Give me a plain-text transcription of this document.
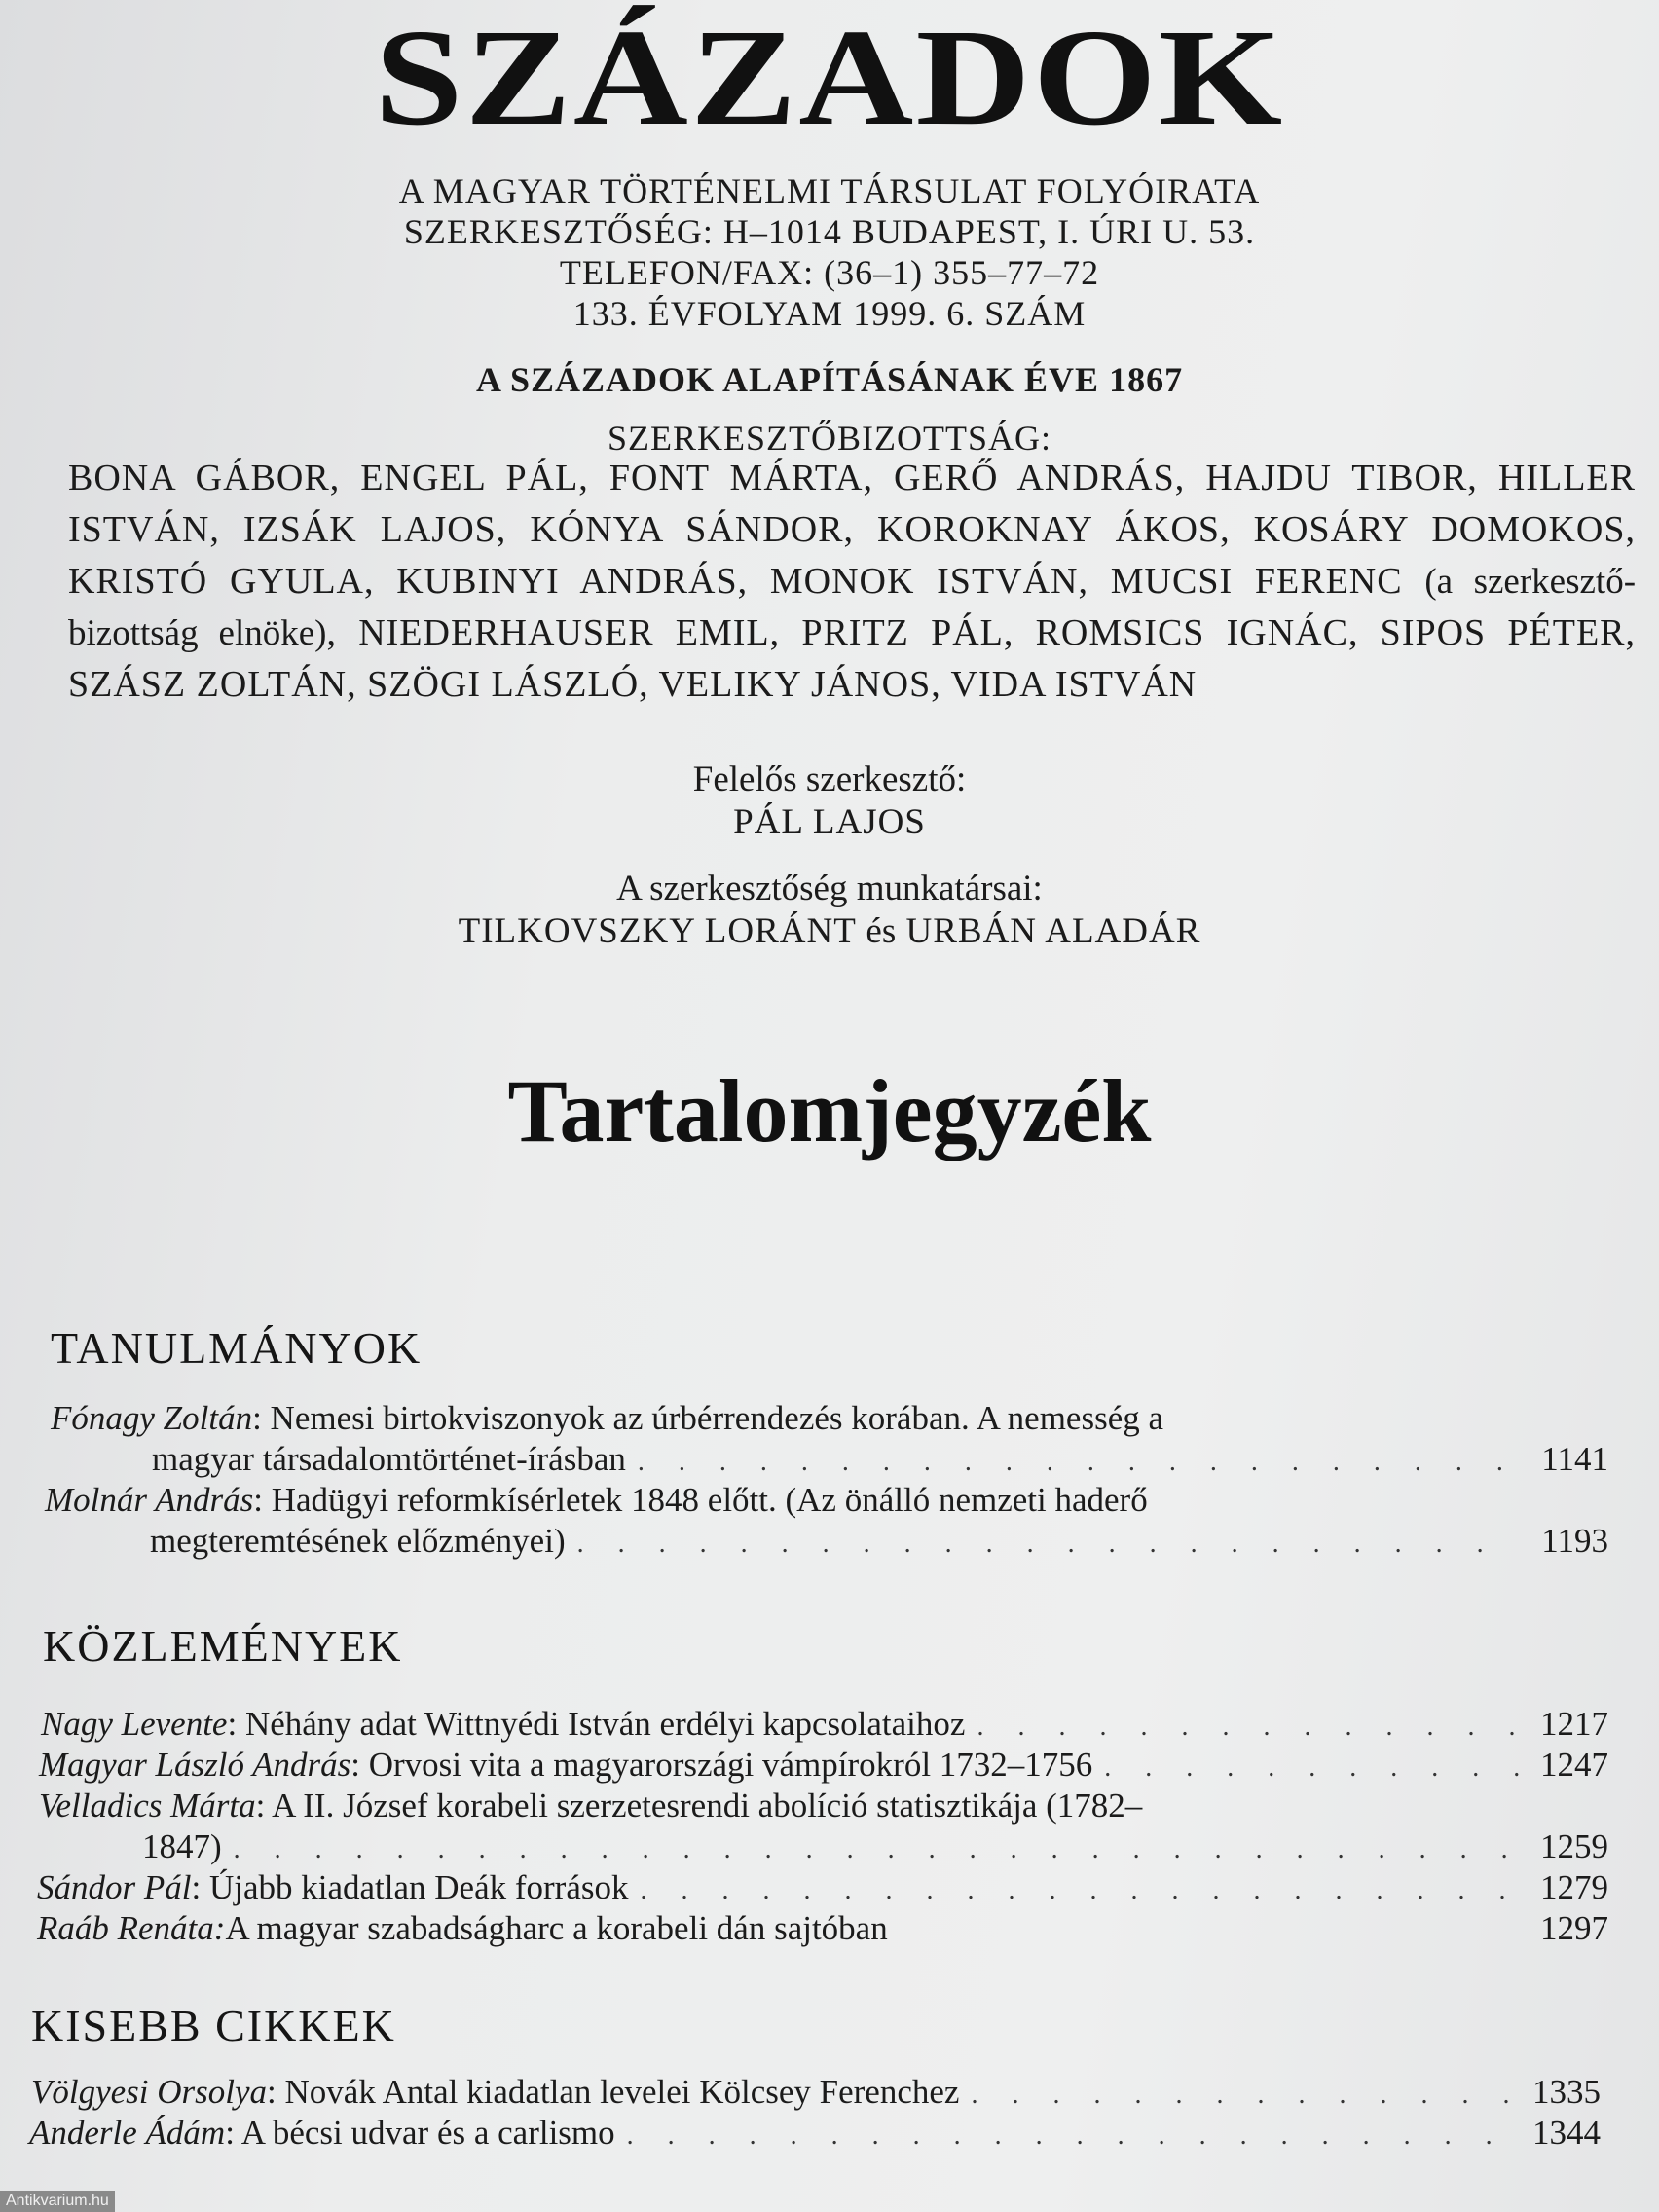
SZÁZADOK
A MAGYAR TÖRTÉNELMI TÁRSULAT FOLYÓIRATA
SZERKESZTŐSÉG: H–1014 BUDAPEST, I. ÚRI U. 53.
TELEFON/FAX: (36–1) 355–77–72
133. ÉVFOLYAM 1999. 6. SZÁM
A SZÁZADOK ALAPÍTÁSÁNAK ÉVE 1867
SZERKESZTŐBIZOTTSÁG:
BONA GÁBOR, ENGEL PÁL, FONT MÁRTA, GERŐ ANDRÁS, HAJDU TIBOR, HILLER
ISTVÁN, IZSÁK LAJOS, KÓNYA SÁNDOR, KOROKNAY ÁKOS, KOSÁRY DOMOKOS,
KRISTÓ GYULA, KUBINYI ANDRÁS, MONOK ISTVÁN, MUCSI FERENC (a szerkesztő-
bizottság elnöke), NIEDERHAUSER EMIL, PRITZ PÁL, ROMSICS IGNÁC, SIPOS PÉTER,
SZÁSZ ZOLTÁN, SZÖGI LÁSZLÓ, VELIKY JÁNOS, VIDA ISTVÁN
Felelős szerkesztő:
PÁL LAJOS
A szerkesztőség munkatársai:
TILKOVSZKY LORÁNT és URBÁN ALADÁR
Tartalomjegyzék
TANULMÁNYOK
Fónagy Zoltán : Nemesi birtokviszonyok az úrbérrendezés korában. A nemesség a
magyar társadalomtörténet-írásban . . .	1141
Molnár András : Hadügyi reformkísérletek 1848 előtt. (Az önálló nemzeti haderő
megteremtésének előzményei) . . .	1193
KÖZLEMÉNYEK
Nagy Levente : Néhány adat Wittnyédi István erdélyi kapcsolataihoz . . .	1217
Magyar László András : Orvosi vita a magyarországi vámpírokról 1732–1756 . . .	1247
Velladics Márta : A II. József korabeli szerzetesrendi abolíció statisztikája (1782–
1847) . . .	1259
Sándor Pál : Újabb kiadatlan Deák források . . .	1279
Raáb Renáta: A magyar szabadságharc a korabeli dán sajtóban	1297
KISEBB CIKKEK
Völgyesi Orsolya : Novák Antal kiadatlan levelei Kölcsey Ferenchez . . .	1335
Anderle Ádám : A bécsi udvar és a carlismo . . .	1344
Antikvarium.hu
